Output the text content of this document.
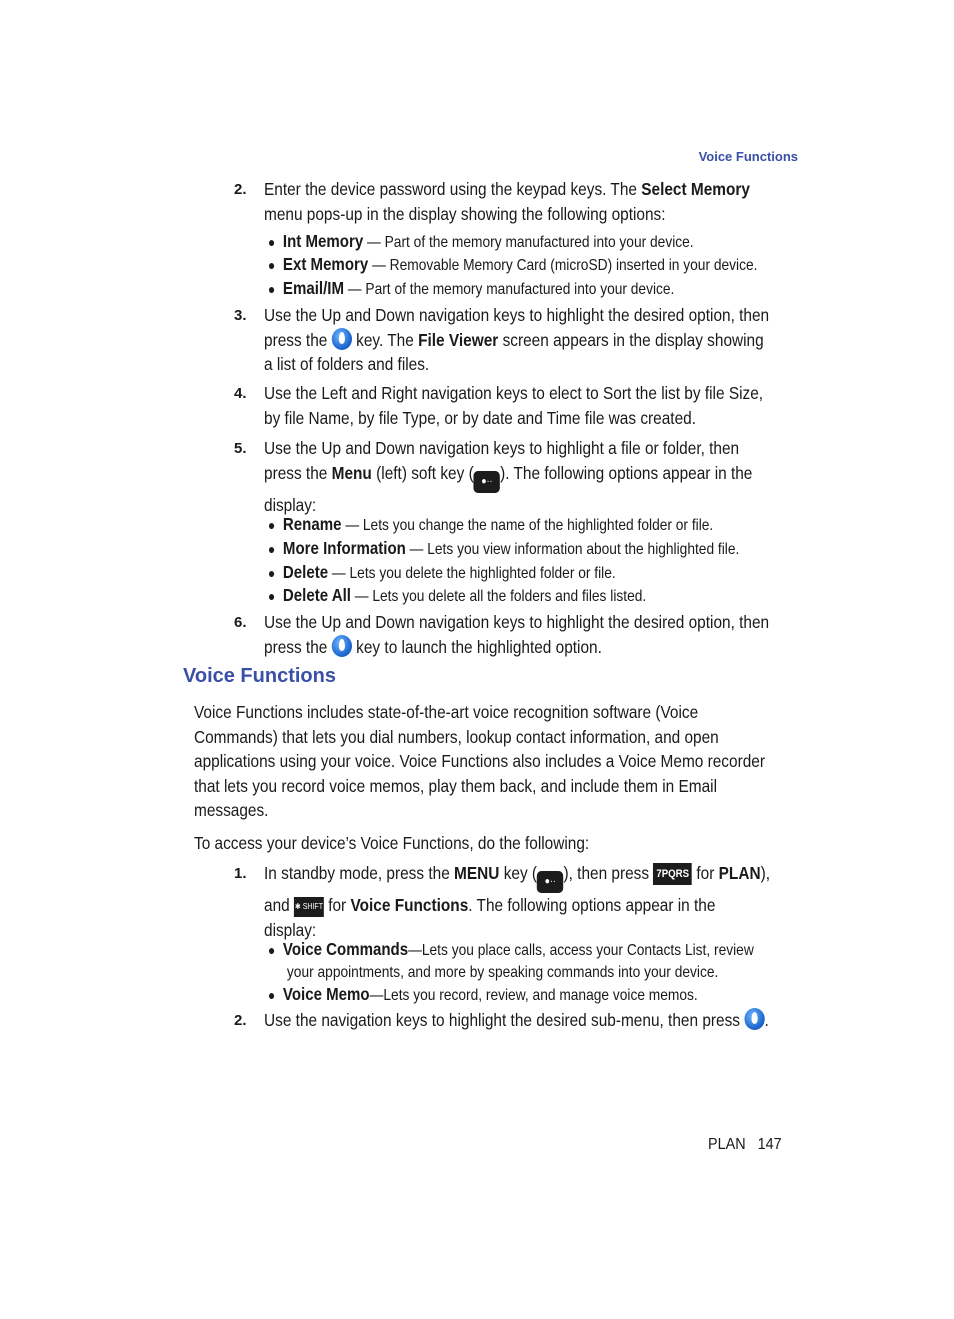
Voice Functions
2. Enter the device password using the keypad keys. The Select Memory
menu pops-up in the display showing the following options:
● Int Memory — Part of the memory manufactured into your device.
● Ext Memory — Removable Memory Card (microSD) inserted in your device.
● Email/IM — Part of the memory manufactured into your device.
3. Use the Up and Down navigation keys to highlight the desired option, then
press the key. The File Viewer screen appears in the display showing
a list of folders and files.
4. Use the Left and Right navigation keys to elect to Sort the list by file Size,
by file Name, by file Type, or by date and Time file was created.
5. Use the Up and Down navigation keys to highlight a file or folder, then
press the Menu (left) soft key ( ●·· ). The following options appear in the
display:
● Rename — Lets you change the name of the highlighted folder or file.
● More Information — Lets you view information about the highlighted file.
● Delete — Lets you delete the highlighted folder or file.
● Delete All — Lets you delete all the folders and files listed.
6. Use the Up and Down navigation keys to highlight the desired option, then
press the key to launch the highlighted option.
Voice Functions
Voice Functions includes state-of-the-art voice recognition software (Voice
Commands) that lets you dial numbers, lookup contact information, and open
applications using your voice. Voice Functions also includes a Voice Memo recorder
that lets you record voice memos, play them back, and include them in Email
messages.
To access your device’s Voice Functions, do the following:
1. In standby mode, press the MENU key ( ●·· ), then press 7PQRS for PLAN),
and ✱ SHIFT for Voice Functions. The following options appear in the
display:
● Voice Commands—Lets you place calls, access your Contacts List, review
your appointments, and more by speaking commands into your device.
● Voice Memo—Lets you record, review, and manage voice memos.
2. Use the navigation keys to highlight the desired sub-menu, then press .
PLAN 147
